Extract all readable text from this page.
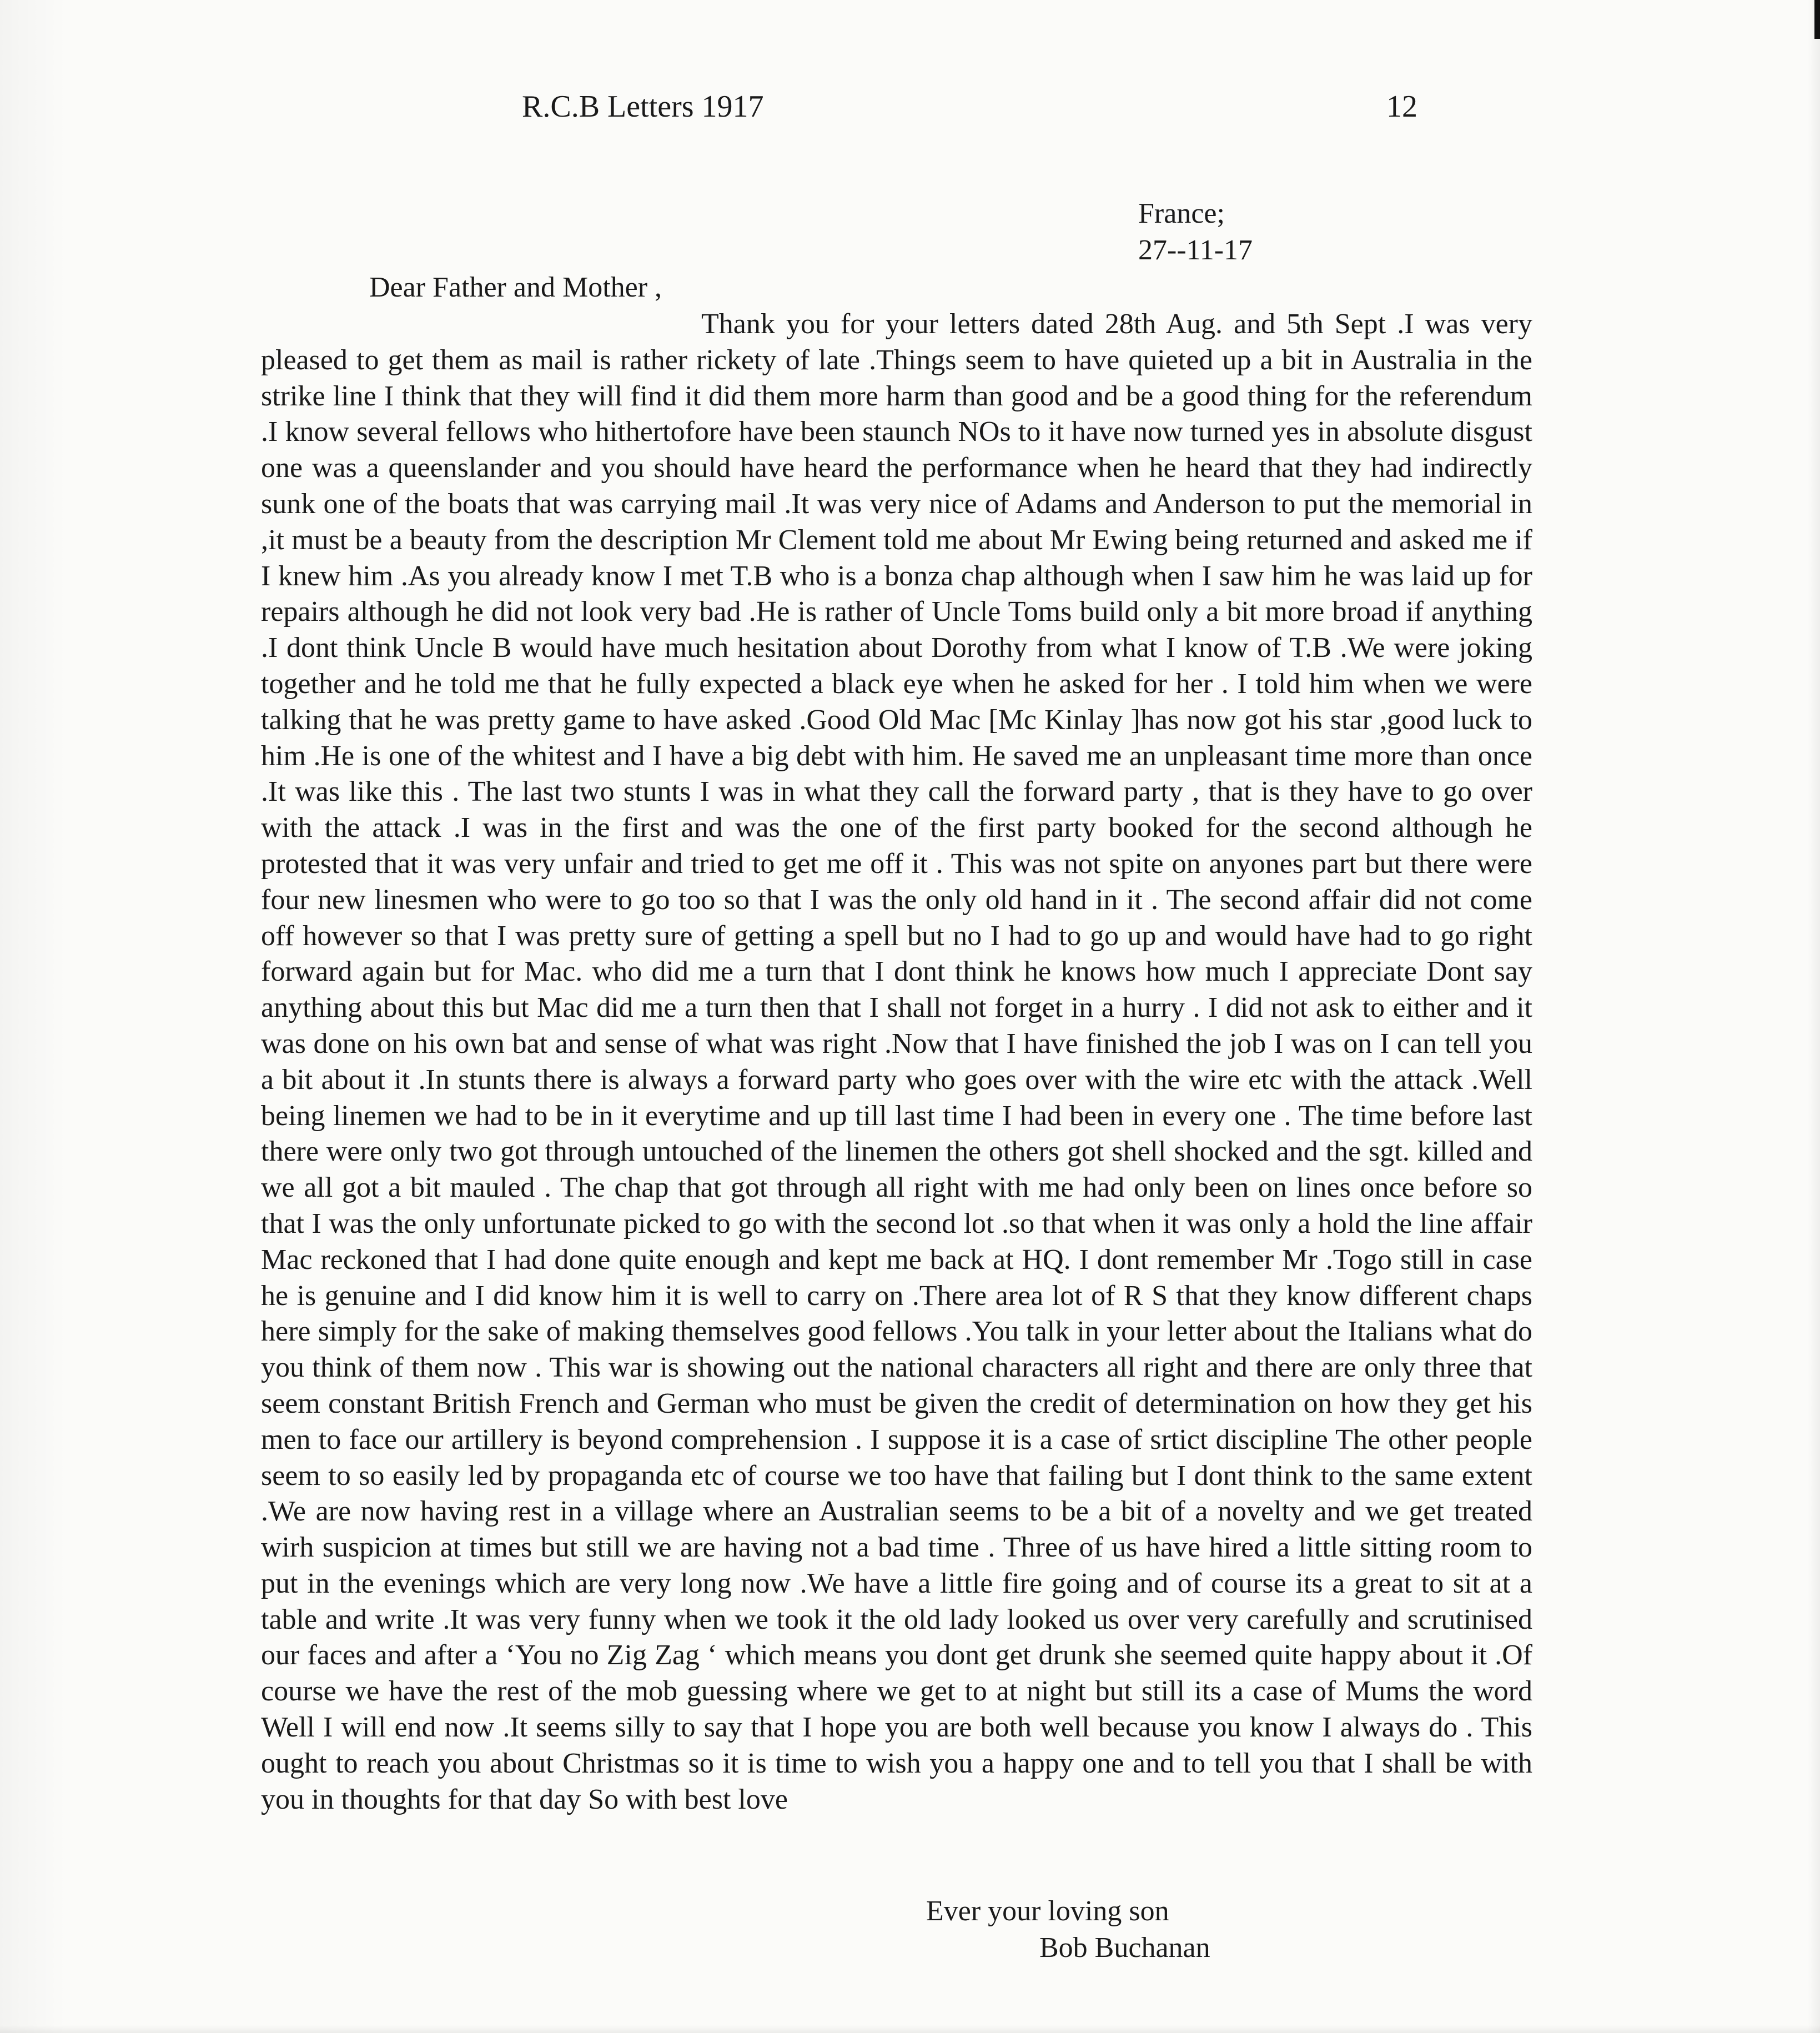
R.C.B Letters 1917	12
France;
27--11-17
Dear Father and Mother ,
Thank you for your letters dated 28th Aug. and 5th Sept .I was very pleased to get them as mail is rather rickety of late .Things seem to have quieted up a bit in Australia in the strike line I think that they will find it did them more harm than good and be a good thing for the referendum .I know several fellows who hithertofore have been staunch NOs to it have now turned yes in absolute disgust one was a queenslander and you should have heard the performance when he heard that they had indirectly sunk one of the boats that was carrying mail .It was very nice of Adams and Anderson to put the memorial in ,it must be a beauty from the description Mr Clement told me about Mr Ewing being returned and asked me if I knew him .As you already know I met T.B who is a bonza chap although when I saw him he was laid up for repairs although he did not look very bad .He is rather of Uncle Toms build only a bit more broad if anything .I dont think Uncle B would have much hesitation about Dorothy from what I know of T.B .We were joking together and he told me that he fully expected a black eye when he asked for her . I told him when we were talking that he was pretty game to have asked .Good Old Mac [Mc Kinlay ]has now got his star ,good luck to him .He is one of the whitest and I have a big debt with him. He saved me an unpleasant time more than once .It was like this . The last two stunts I was in what they call the forward party , that is they have to go over with the attack .I was in the first and was the one of the first party booked for the second although he protested that it was very unfair and tried to get me off it . This was not spite on anyones part but there were four new linesmen who were to go too so that I was the only old hand in it . The second affair did not come off however so that I was pretty sure of getting a spell but no I had to go up and would have had to go right forward again but for Mac. who did me a turn that I dont think he knows how much I appreciate Dont say anything about this but Mac did me a turn then that I shall not forget in a hurry . I did not ask to either and it was done on his own bat and sense of what was right .Now that I have finished the job I was on I can tell you a bit about it .In stunts there is always a forward party who goes over with the wire etc with the attack .Well being linemen we had to be in it everytime and up till last time I had been in every one . The time before last there were only two got through untouched of the linemen the others got shell shocked and the sgt. killed and we all got a bit mauled . The chap that got through all right with me had only been on lines once before so that I was the only unfortunate picked to go with the second lot .so that when it was only a hold the line affair Mac reckoned that I had done quite enough and kept me back at HQ. I dont remember Mr .Togo still in case he is genuine and I did know him it is well to carry on .There area lot of R S that they know different chaps here simply for the sake of making themselves good fellows .You talk in your letter about the Italians what do you think of them now . This war is showing out the national characters all right and there are only three that seem constant British French and German who must be given the credit of determination on how they get his men to face our artillery is beyond comprehension . I suppose it is a case of srtict discipline The other people seem to so easily led by propaganda etc of course we too have that failing but I dont think to the same extent .We are now having rest in a village where an Australian seems to be a bit of a novelty and we get treated wirh suspicion at times but still we are having not a bad time . Three of us have hired a little sitting room to put in the evenings which are very long now .We have a little fire going and of course its a great to sit at a table and write .It was very funny when we took it the old lady looked us over very carefully and scrutinised our faces and after a ‘You no Zig Zag ‘ which means you dont get drunk she seemed quite happy about it .Of course we have the rest of the mob guessing where we get to at night but still its a case of Mums the word Well I will end now .It seems silly to say that I hope you are both well because you know I always do . This ought to reach you about Christmas so it is time to wish you a happy one and to tell you that I shall be with you in thoughts for that day So with best love
Ever your loving son
Bob Buchanan
